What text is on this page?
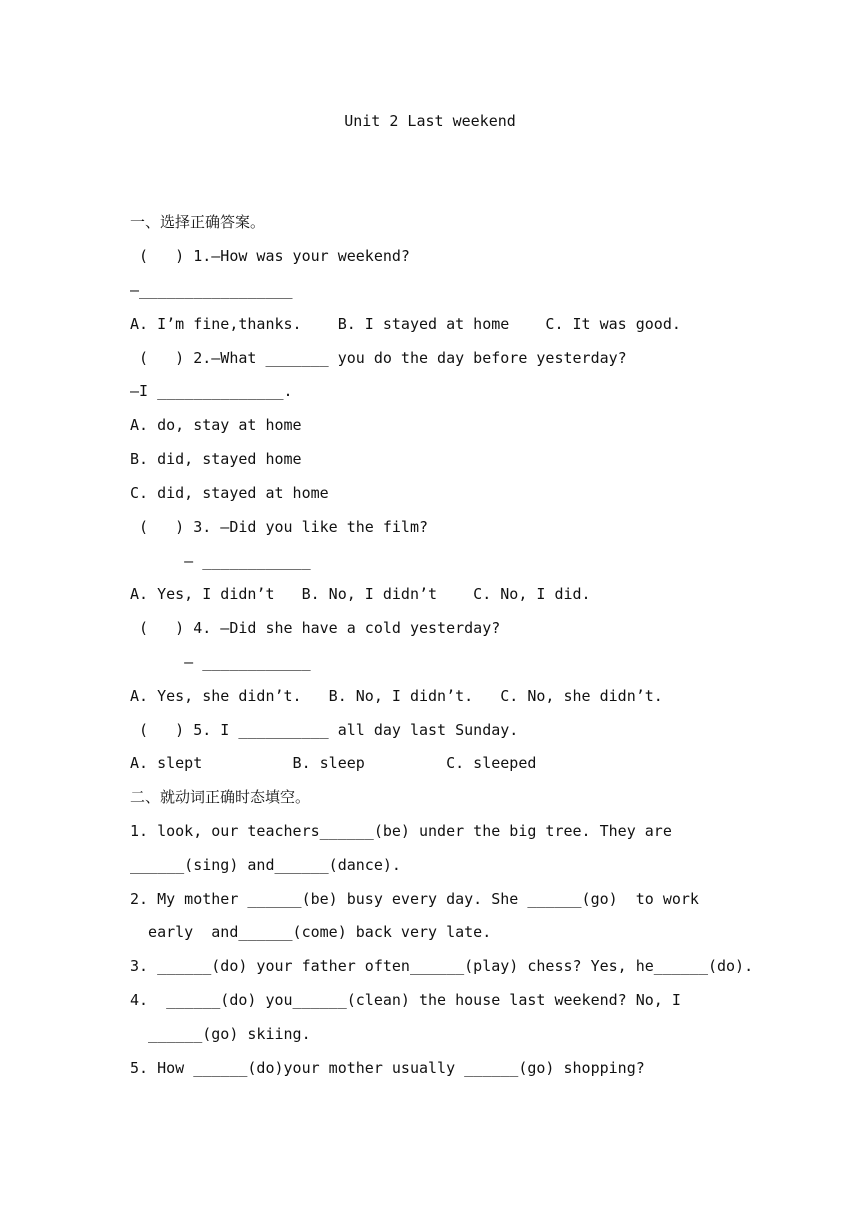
Unit 2 Last weekend
一、选择正确答案。
(   ) 1.—How was your weekend?
—_________________
A. I’m fine,thanks.    B. I stayed at home    C. It was good.
(   ) 2.—What _______ you do the day before yesterday?
—I ______________.
A. do, stay at home
B. did, stayed home
C. did, stayed at home
(   ) 3. —Did you like the film?
— ____________
A. Yes, I didn’t   B. No, I didn’t    C. No, I did.
(   ) 4. —Did she have a cold yesterday?
— ____________
A. Yes, she didn’t.   B. No, I didn’t.   C. No, she didn’t.
(   ) 5. I __________ all day last Sunday.
A. slept          B. sleep         C. sleeped
二、就动词正确时态填空。
1. look, our teachers______(be) under the big tree. They are
______(sing) and______(dance).
2. My mother ______(be) busy every day. She ______(go)  to work
early  and______(come) back very late.
3. ______(do) your father often______(play) chess? Yes, he______(do).
4.  ______(do) you______(clean) the house last weekend? No, I
______(go) skiing.
5. How ______(do)your mother usually ______(go) shopping?
